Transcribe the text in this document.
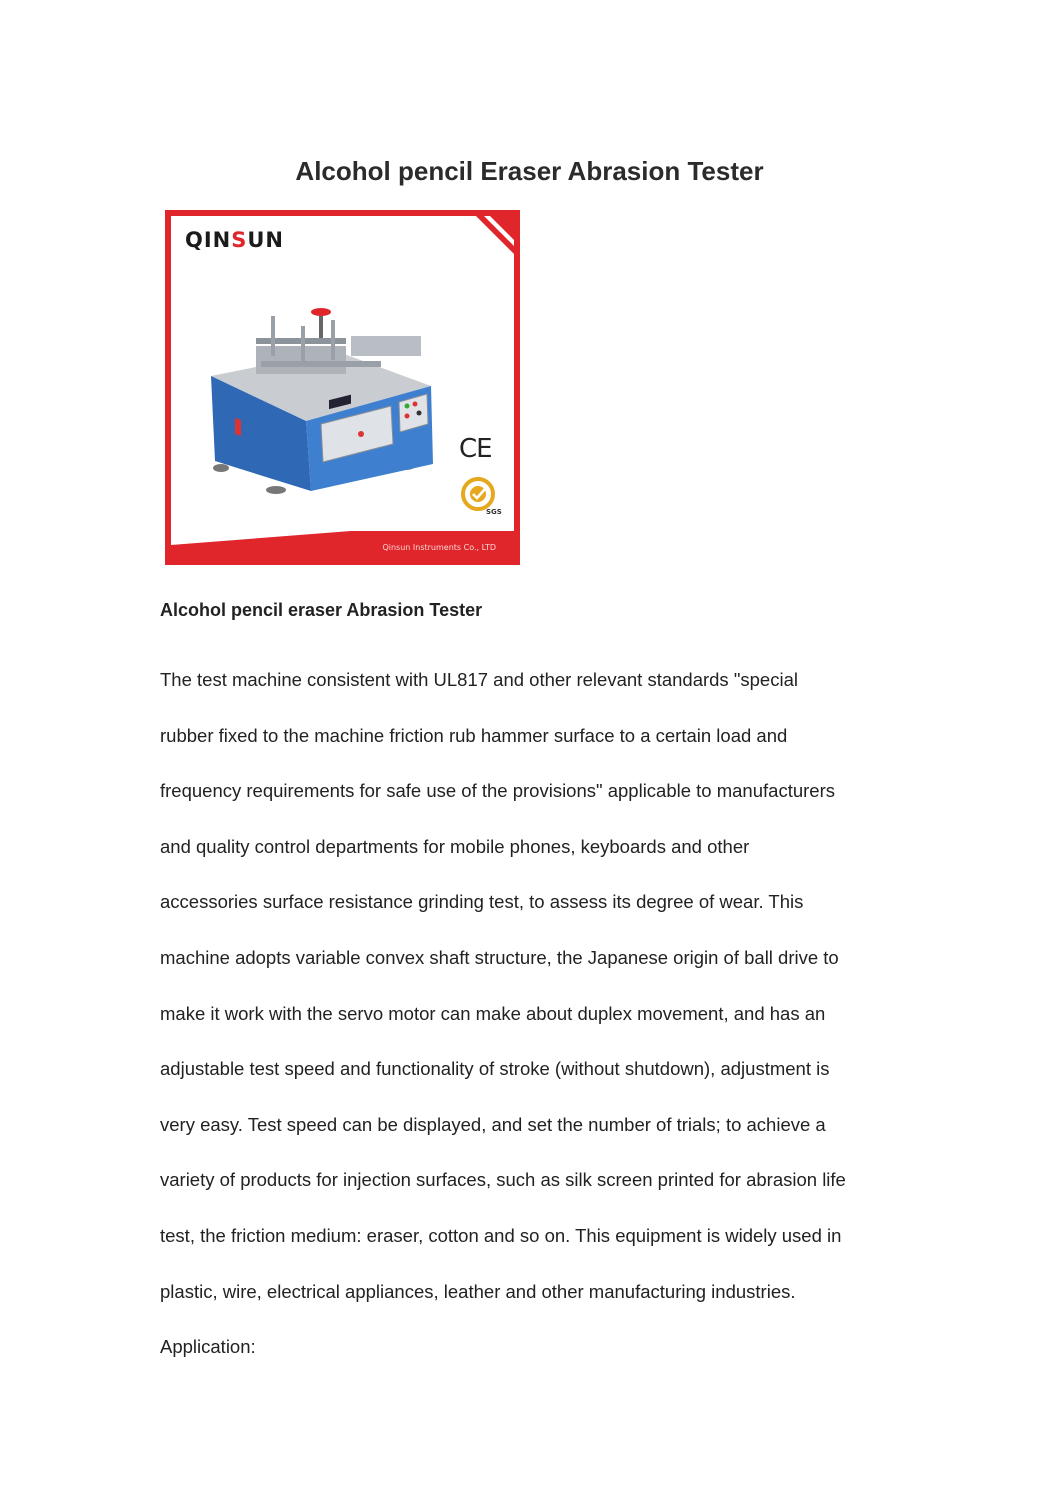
Alcohol pencil Eraser Abrasion Tester
QINSUN
CE
SGS
Qinsun Instruments Co., LTD
Alcohol pencil eraser Abrasion Tester

The test machine consistent with UL817 and other relevant standards "special
rubber fixed to the machine friction rub hammer surface to a certain load and
frequency requirements for safe use of the provisions" applicable to manufacturers
and quality control departments for mobile phones, keyboards and other
accessories surface resistance grinding test, to assess its degree of wear. This
machine adopts variable convex shaft structure, the Japanese origin of ball drive to
make it work with the servo motor can make about duplex movement, and has an
adjustable test speed and functionality of stroke (without shutdown), adjustment is
very easy. Test speed can be displayed, and set the number of trials; to achieve a
variety of products for injection surfaces, such as silk screen printed for abrasion life
test, the friction medium: eraser, cotton and so on. This equipment is widely used in
plastic, wire, electrical appliances, leather and other manufacturing industries.
Application:
